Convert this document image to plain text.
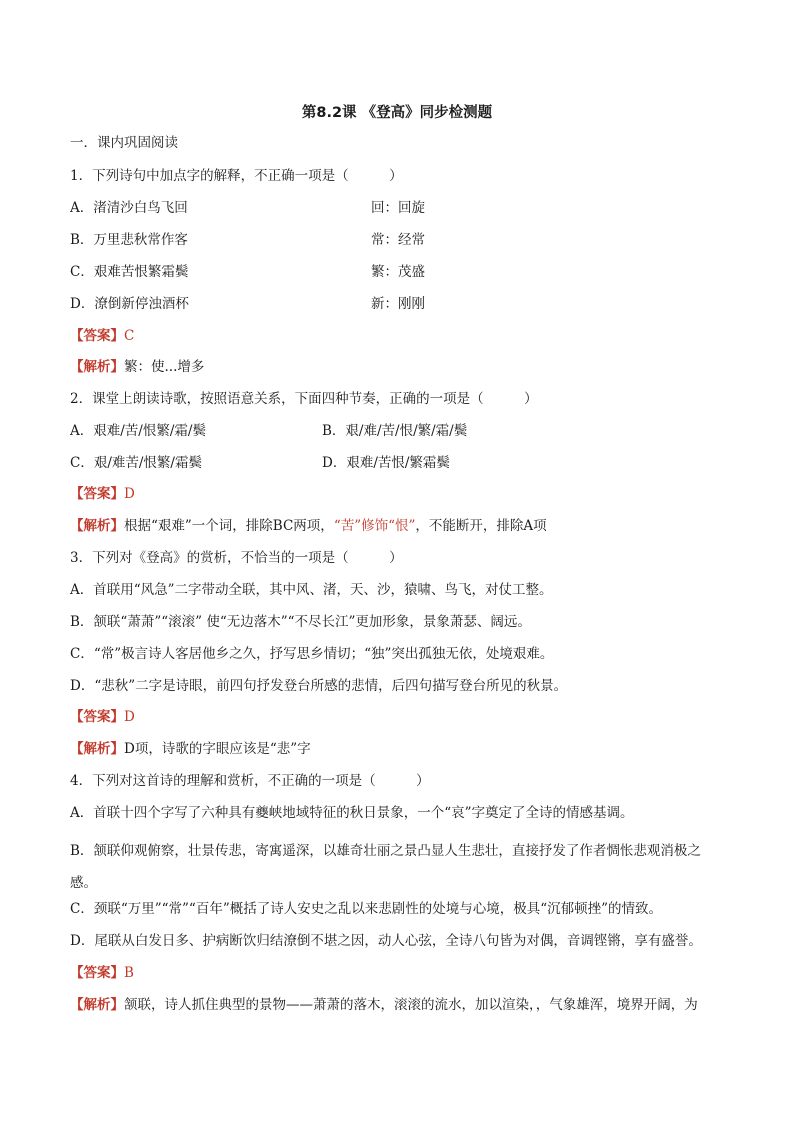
第8.2课 《登高》同步检测题
一．课内巩固阅读
1．下列诗句中加点字的解释，不正确一项是（　　　）
A．渚清沙白鸟飞回	回：回旋
B．万里悲秋常作客	常：经常
C．艰难苦恨繁霜鬓	繁：茂盛
D．潦倒新停浊酒杯	新：刚刚
【答案】C
【解析】繁：使...增多
2．课堂上朗读诗歌，按照语意关系，下面四种节奏，正确的一项是（　　　）
A．艰难/苦/恨繁/霜/鬓	B．艰/难/苦/恨/繁/霜/鬓
C．艰/难苦/恨繁/霜鬓	D．艰难/苦恨/繁霜鬓
【答案】D
【解析】根据“艰难”一个词，排除BC两项，“苦”修饰“恨”，不能断开，排除A项
3．下列对《登高》的赏析，不恰当的一项是（　　　）
A．首联用“风急”二字带动全联，其中风、渚，天、沙，猿啸、鸟飞，对仗工整。
B．颔联“萧萧”“滚滚” 使“无边落木”“不尽长江”更加形象，景象萧瑟、阔远。
C．“常”极言诗人客居他乡之久，抒写思乡情切；“独”突出孤独无依，处境艰难。
D．“悲秋”二字是诗眼，前四句抒发登台所感的悲情，后四句描写登台所见的秋景。
【答案】D
【解析】D项，诗歌的字眼应该是“悲”字
4．下列对这首诗的理解和赏析，不正确的一项是（　　　）
A．首联十四个字写了六种具有夔峡地域特征的秋日景象，一个“哀”字奠定了全诗的情感基调。
B．颔联仰观俯察，壮景传悲，寄寓遥深，以雄奇壮丽之景凸显人生悲壮，直接抒发了作者惆怅悲观消极之感。
C．颈联“万里”“常”“百年”概括了诗人安史之乱以来悲剧性的处境与心境，极具“沉郁顿挫”的情致。
D．尾联从白发日多、护病断饮归结潦倒不堪之因，动人心弦，全诗八句皆为对偶，音调铿锵，享有盛誉。
【答案】B
【解析】颔联，诗人抓住典型的景物——萧萧的落木，滚滚的流水，加以渲染，，气象雄浑，境界开阔，为
